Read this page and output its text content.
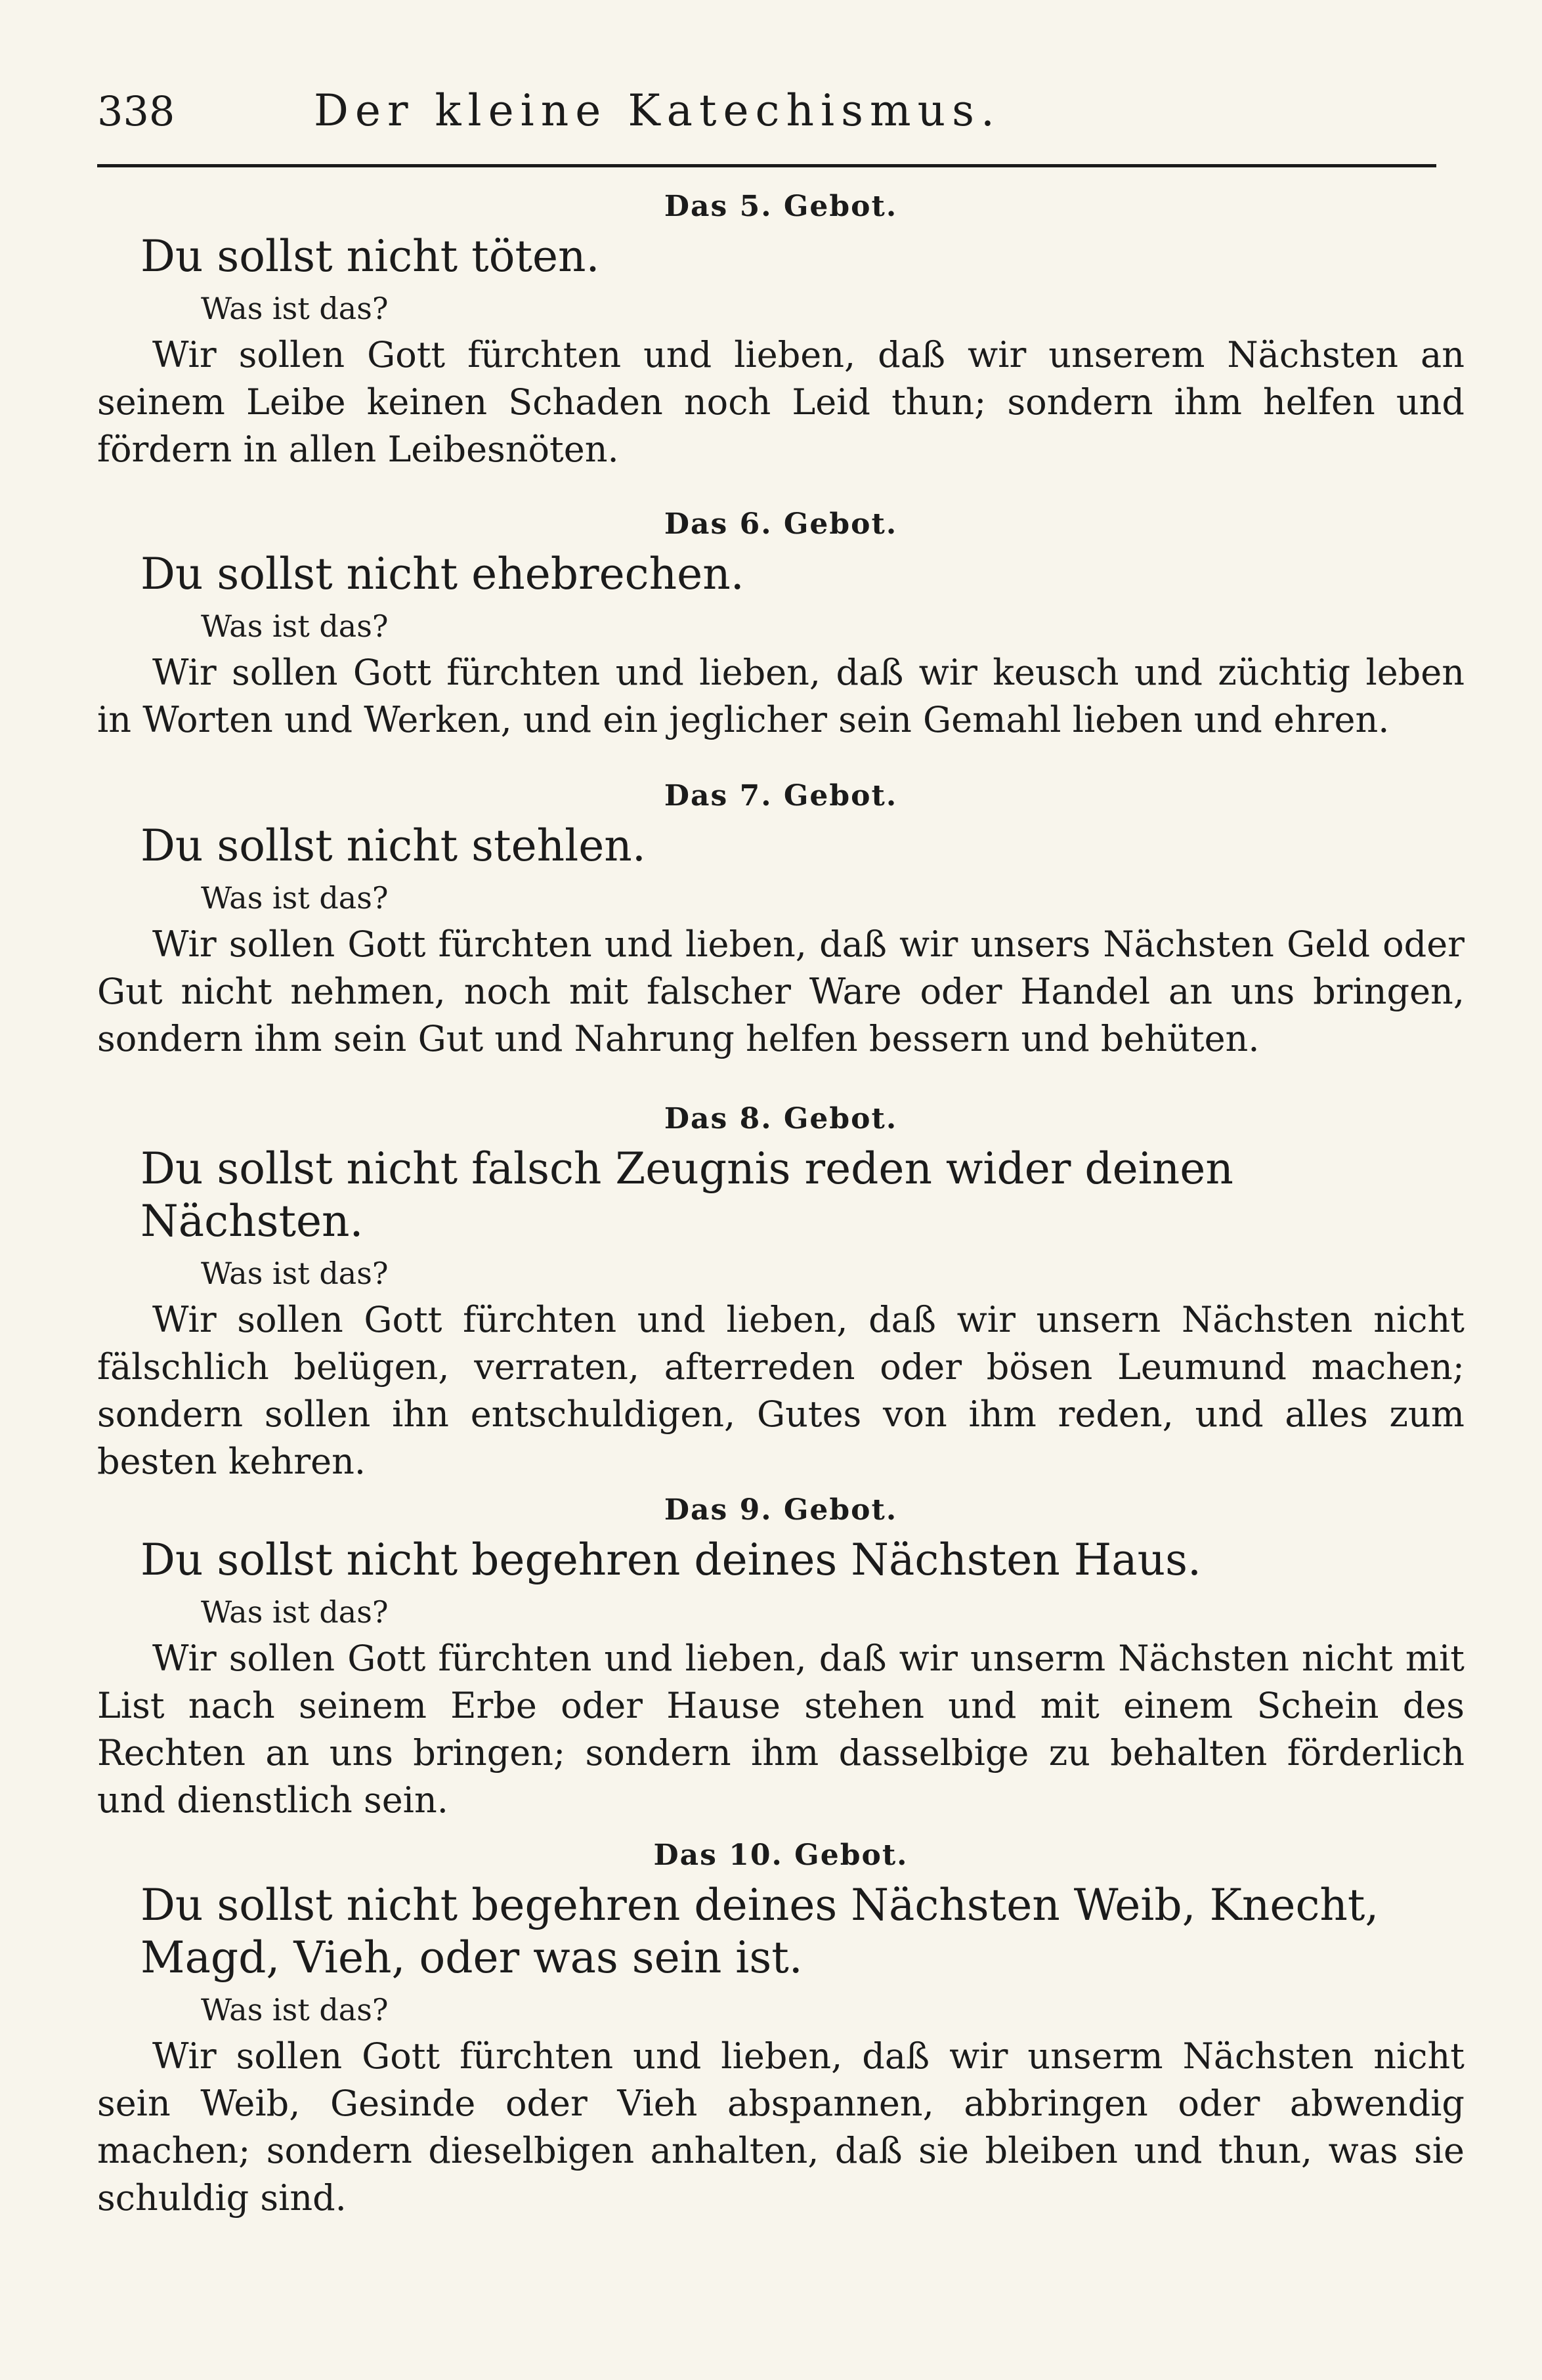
338	Der kleine Katechismus.
Das 5. Gebot.
Du sollst nicht töten.
Was ist das?
Wir sollen Gott fürchten und lieben, daß wir unserem Nächsten an seinem Leibe keinen Schaden noch Leid thun; sondern ihm helfen und fördern in allen Leibesnöten.
Das 6. Gebot.
Du sollst nicht ehebrechen.
Was ist das?
Wir sollen Gott fürchten und lieben, daß wir keusch und züchtig leben in Worten und Werken, und ein jeglicher sein Gemahl lieben und ehren.
Das 7. Gebot.
Du sollst nicht stehlen.
Was ist das?
Wir sollen Gott fürchten und lieben, daß wir unsers Nächsten Geld oder Gut nicht nehmen, noch mit falscher Ware oder Handel an uns bringen, sondern ihm sein Gut und Nahrung helfen bessern und behüten.
Das 8. Gebot.
Du sollst nicht falsch Zeugnis reden wider deinen Nächsten.
Was ist das?
Wir sollen Gott fürchten und lieben, daß wir unsern Nächsten nicht fälschlich belügen, verraten, afterreden oder bösen Leumund machen; sondern sollen ihn entschuldigen, Gutes von ihm reden, und alles zum besten kehren.
Das 9. Gebot.
Du sollst nicht begehren deines Nächsten Haus.
Was ist das?
Wir sollen Gott fürchten und lieben, daß wir unserm Nächsten nicht mit List nach seinem Erbe oder Hause stehen und mit einem Schein des Rechten an uns bringen; sondern ihm dasselbige zu behalten förderlich und dienstlich sein.
Das 10. Gebot.
Du sollst nicht begehren deines Nächsten Weib, Knecht, Magd, Vieh, oder was sein ist.
Was ist das?
Wir sollen Gott fürchten und lieben, daß wir unserm Nächsten nicht sein Weib, Gesinde oder Vieh abspannen, abbringen oder abwendig machen; sondern dieselbigen anhalten, daß sie bleiben und thun, was sie schuldig sind.
